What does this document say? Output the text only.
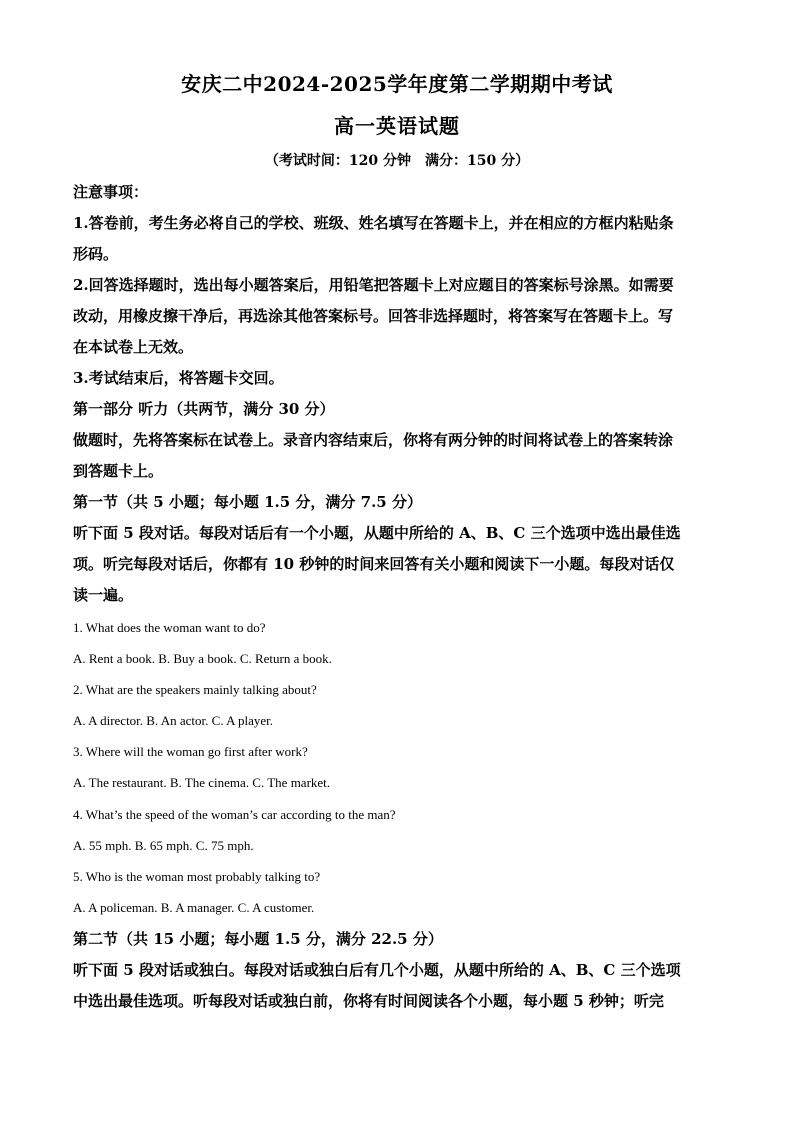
安庆二中2024-2025学年度第二学期期中考试
高一英语试题
（考试时间：120 分钟　满分：150 分）
注意事项：
1.答卷前，考生务必将自己的学校、班级、姓名填写在答题卡上，并在相应的方框内粘贴条
形码。
2.回答选择题时，选出每小题答案后，用铅笔把答题卡上对应题目的答案标号涂黑。如需要
改动，用橡皮擦干净后，再选涂其他答案标号。回答非选择题时，将答案写在答题卡上。写
在本试卷上无效。
3.考试结束后，将答题卡交回。
第一部分 听力（共两节，满分 30 分）
做题时，先将答案标在试卷上。录音内容结束后，你将有两分钟的时间将试卷上的答案转涂
到答题卡上。
第一节（共 5 小题；每小题 1.5 分，满分 7.5 分）
听下面 5 段对话。每段对话后有一个小题，从题中所给的 A、B、C 三个选项中选出最佳选
项。听完每段对话后，你都有 10 秒钟的时间来回答有关小题和阅读下一小题。每段对话仅
读一遍。
1. What does the woman want to do?
A. Rent a book. B. Buy a book. C. Return a book.
2. What are the speakers mainly talking about?
A. A director. B. An actor. C. A player.
3. Where will the woman go first after work?
A. The restaurant. B. The cinema. C. The market.
4. What’s the speed of the woman’s car according to the man?
A. 55 mph. B. 65 mph. C. 75 mph.
5. Who is the woman most probably talking to?
A. A policeman. B. A manager. C. A customer.
第二节（共 15 小题；每小题 1.5 分，满分 22.5 分）
听下面 5 段对话或独白。每段对话或独白后有几个小题，从题中所给的 A、B、C 三个选项
中选出最佳选项。听每段对话或独白前，你将有时间阅读各个小题，每小题 5 秒钟；听完
